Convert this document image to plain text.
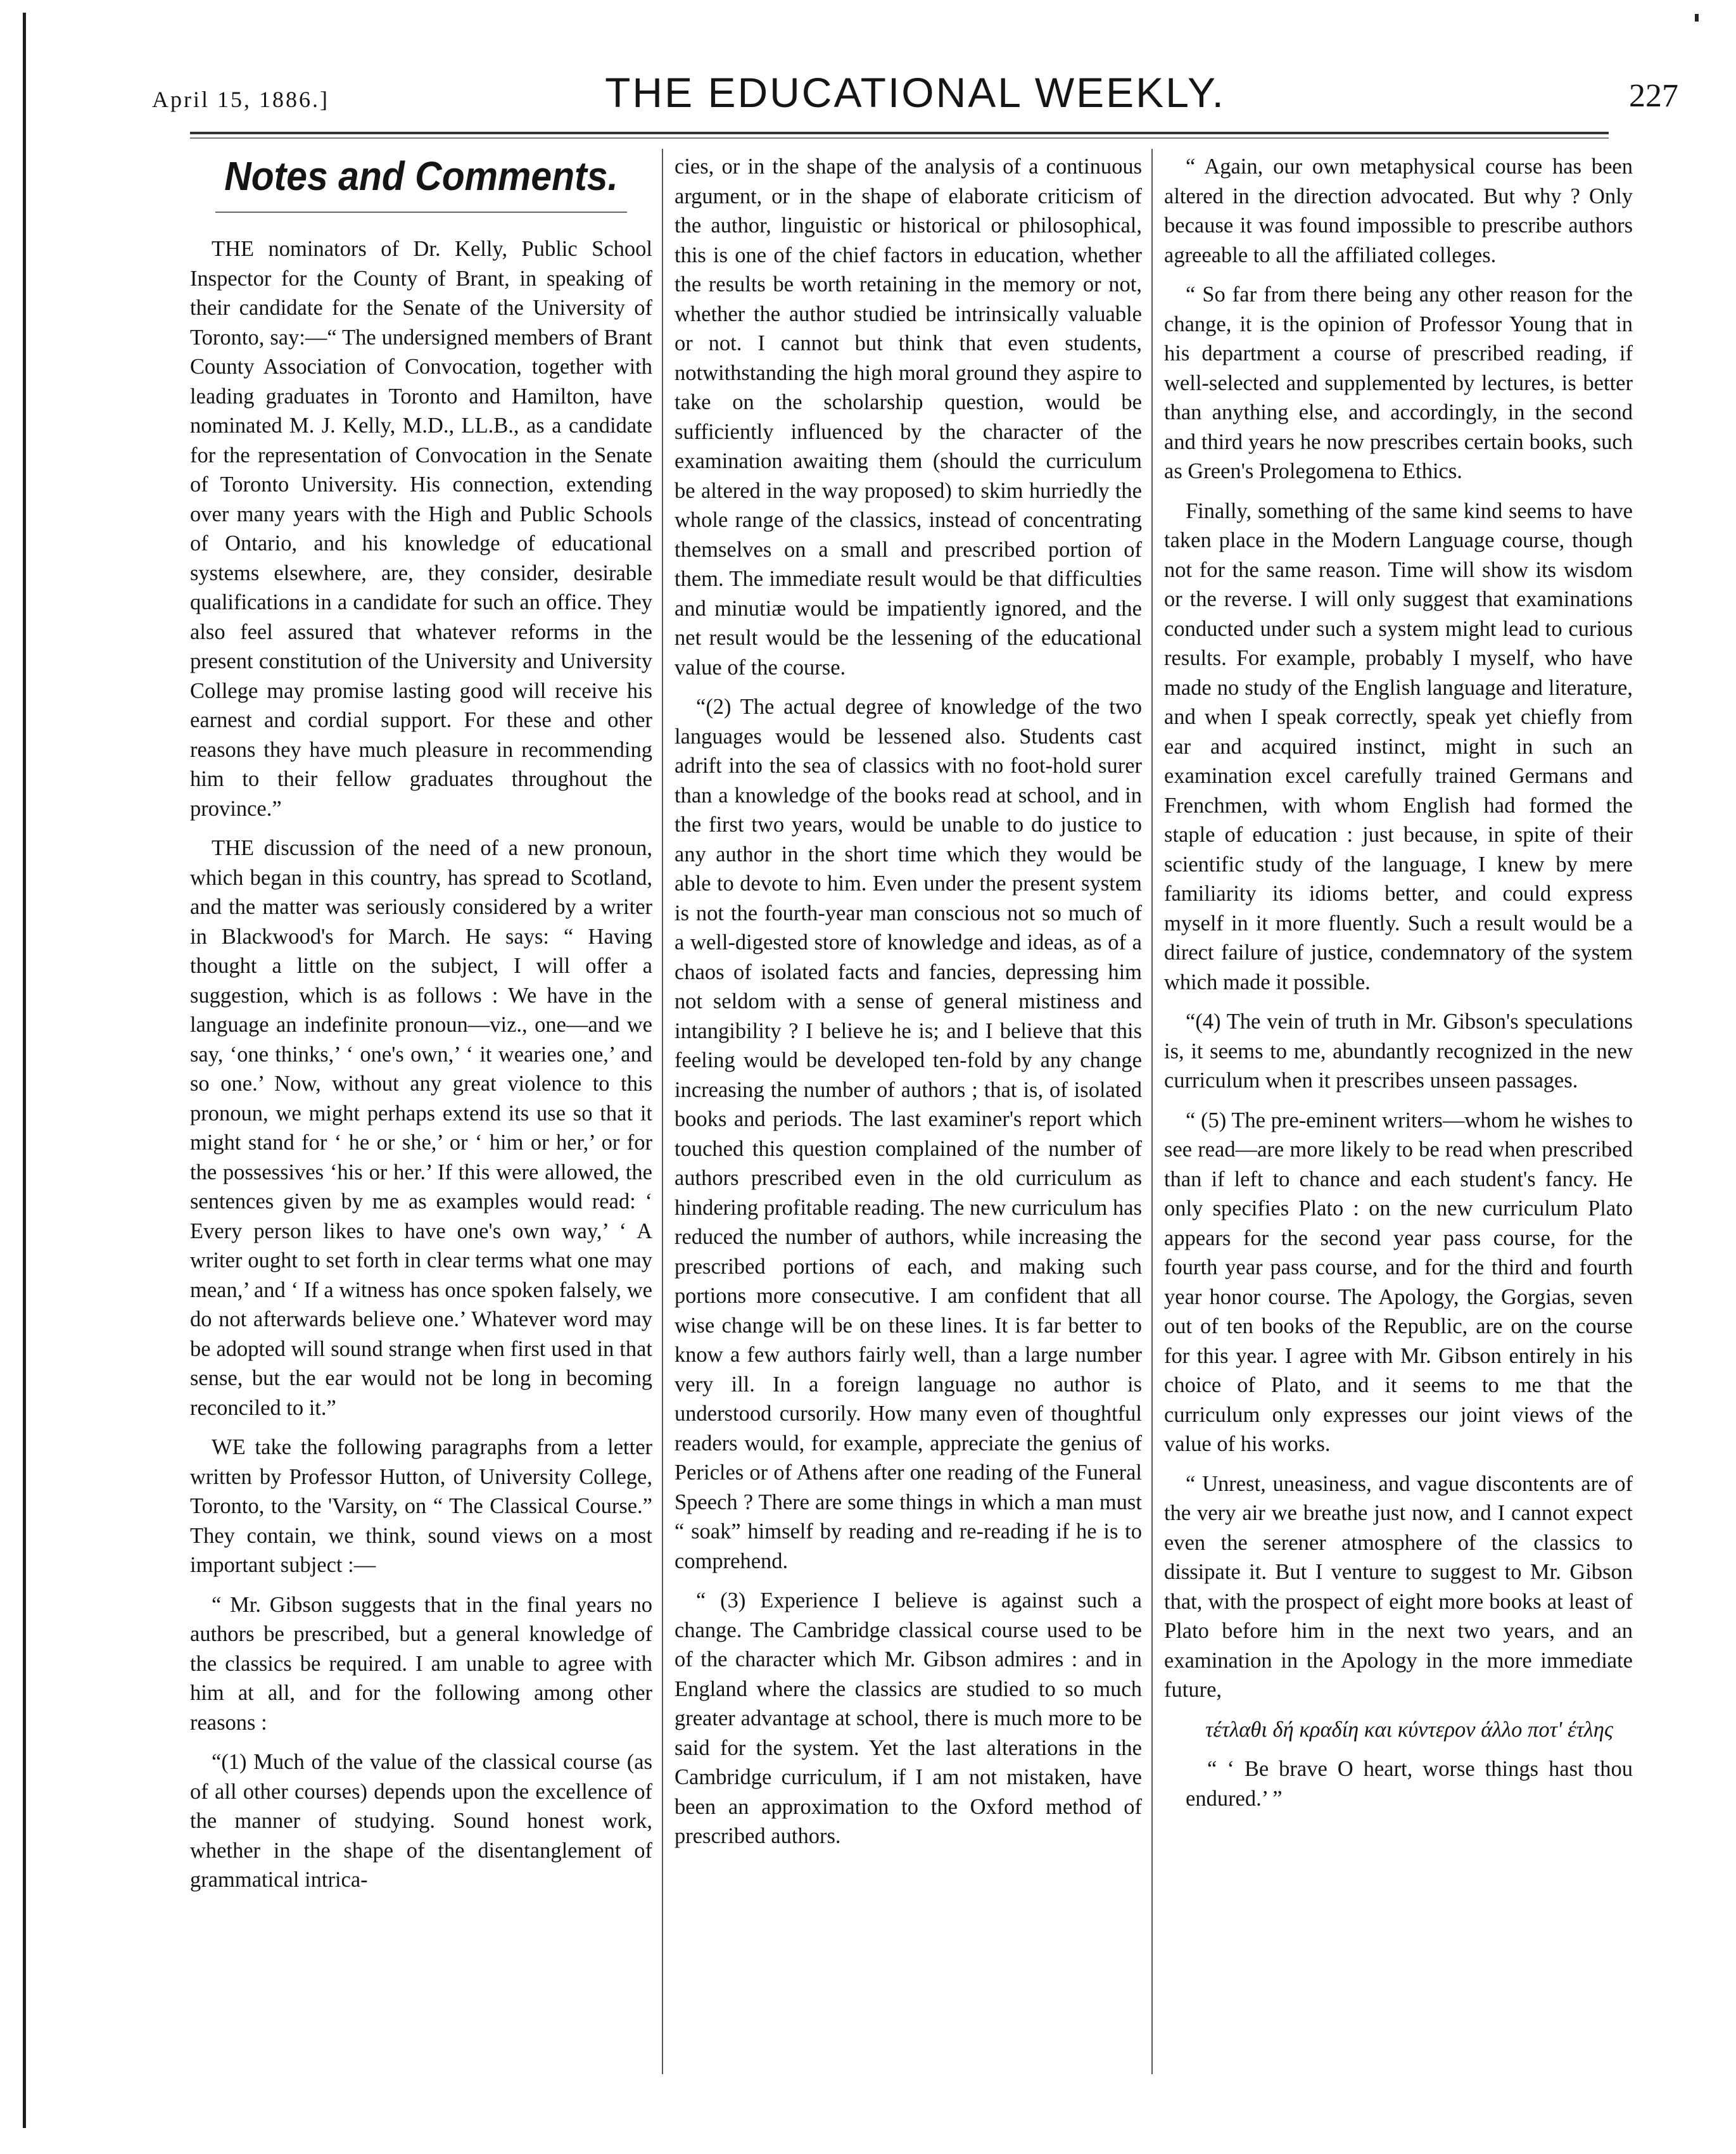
April 15, 1886.]	THE EDUCATIONAL WEEKLY.	227
Notes and Comments.

THE nominators of Dr. Kelly, Public School Inspector for the County of Brant, in speaking of their candidate for the Senate of the University of Toronto, say:—“ The undersigned members of Brant County Association of Convocation, together with leading graduates in Toronto and Hamilton, have nominated M. J. Kelly, M.D., LL.B., as a candidate for the representation of Convocation in the Senate of Toronto University. His connection, extending over many years with the High and Public Schools of Ontario, and his knowledge of educational systems elsewhere, are, they consider, desirable qualifications in a candidate for such an office. They also feel assured that whatever reforms in the present constitution of the University and University College may promise lasting good will receive his earnest and cordial support. For these and other reasons they have much pleasure in recommending him to their fellow graduates throughout the province.”

THE discussion of the need of a new pronoun, which began in this country, has spread to Scotland, and the matter was seriously considered by a writer in Blackwood's for March. He says: “ Having thought a little on the subject, I will offer a suggestion, which is as follows : We have in the language an indefinite pronoun—viz., one—and we say, ‘one thinks,’ ‘ one's own,’ ‘ it wearies one,’ and so one.’ Now, without any great violence to this pronoun, we might perhaps extend its use so that it might stand for ‘ he or she,’ or ‘ him or her,’ or for the possessives ‘his or her.’ If this were allowed, the sentences given by me as examples would read: ‘ Every person likes to have one's own way,’ ‘ A writer ought to set forth in clear terms what one may mean,’ and ‘ If a witness has once spoken falsely, we do not afterwards believe one.’ Whatever word may be adopted will sound strange when first used in that sense, but the ear would not be long in becoming reconciled to it.”

WE take the following paragraphs from a letter written by Professor Hutton, of University College, Toronto, to the 'Varsity, on “ The Classical Course.” They contain, we think, sound views on a most important subject :—

“ Mr. Gibson suggests that in the final years no authors be prescribed, but a general knowledge of the classics be required. I am unable to agree with him at all, and for the following among other reasons :

“(1) Much of the value of the classical course (as of all other courses) depends upon the excellence of the manner of studying. Sound honest work, whether in the shape of the disentanglement of grammatical intrica-

cies, or in the shape of the analysis of a continuous argument, or in the shape of elaborate criticism of the author, linguistic or historical or philosophical, this is one of the chief factors in education, whether the results be worth retaining in the memory or not, whether the author studied be intrinsically valuable or not. I cannot but think that even students, notwithstanding the high moral ground they aspire to take on the scholarship question, would be sufficiently influenced by the character of the examination awaiting them (should the curriculum be altered in the way proposed) to skim hurriedly the whole range of the classics, instead of concentrating themselves on a small and prescribed portion of them. The immediate result would be that difficulties and minutiæ would be impatiently ignored, and the net result would be the lessening of the educational value of the course.

“(2) The actual degree of knowledge of the two languages would be lessened also. Students cast adrift into the sea of classics with no foot-hold surer than a knowledge of the books read at school, and in the first two years, would be unable to do justice to any author in the short time which they would be able to devote to him. Even under the present system is not the fourth-year man conscious not so much of a well-digested store of knowledge and ideas, as of a chaos of isolated facts and fancies, depressing him not seldom with a sense of general mistiness and intangibility ? I believe he is; and I believe that this feeling would be developed ten-fold by any change increasing the number of authors ; that is, of isolated books and periods. The last examiner's report which touched this question complained of the number of authors prescribed even in the old curriculum as hindering profitable reading. The new curriculum has reduced the number of authors, while increasing the prescribed portions of each, and making such portions more consecutive. I am confident that all wise change will be on these lines. It is far better to know a few authors fairly well, than a large number very ill. In a foreign language no author is understood cursorily. How many even of thoughtful readers would, for example, appreciate the genius of Pericles or of Athens after one reading of the Funeral Speech ? There are some things in which a man must “ soak” himself by reading and re-reading if he is to comprehend.

“ (3) Experience I believe is against such a change. The Cambridge classical course used to be of the character which Mr. Gibson admires : and in England where the classics are studied to so much greater advantage at school, there is much more to be said for the system. Yet the last alterations in the Cambridge curriculum, if I am not mistaken, have been an approximation to the Oxford method of prescribed authors.

“ Again, our own metaphysical course has been altered in the direction advocated. But why ? Only because it was found impossible to prescribe authors agreeable to all the affiliated colleges.

“ So far from there being any other reason for the change, it is the opinion of Professor Young that in his department a course of prescribed reading, if well-selected and supplemented by lectures, is better than anything else, and accordingly, in the second and third years he now prescribes certain books, such as Green's Prolegomena to Ethics.

Finally, something of the same kind seems to have taken place in the Modern Language course, though not for the same reason. Time will show its wisdom or the reverse. I will only suggest that examinations conducted under such a system might lead to curious results. For example, probably I myself, who have made no study of the English language and literature, and when I speak correctly, speak yet chiefly from ear and acquired instinct, might in such an examination excel carefully trained Germans and Frenchmen, with whom English had formed the staple of education : just because, in spite of their scientific study of the language, I knew by mere familiarity its idioms better, and could express myself in it more fluently. Such a result would be a direct failure of justice, condemnatory of the system which made it possible.

“(4) The vein of truth in Mr. Gibson's speculations is, it seems to me, abundantly recognized in the new curriculum when it prescribes unseen passages.

“ (5) The pre-eminent writers—whom he wishes to see read—are more likely to be read when prescribed than if left to chance and each student's fancy. He only specifies Plato : on the new curriculum Plato appears for the second year pass course, for the fourth year pass course, and for the third and fourth year honor course. The Apology, the Gorgias, seven out of ten books of the Republic, are on the course for this year. I agree with Mr. Gibson entirely in his choice of Plato, and it seems to me that the curriculum only expresses our joint views of the value of his works.

“ Unrest, uneasiness, and vague discontents are of the very air we breathe just now, and I cannot expect even the serener atmosphere of the classics to dissipate it. But I venture to suggest to Mr. Gibson that, with the prospect of eight more books at least of Plato before him in the next two years, and an examination in the Apology in the more immediate future,

τέτλαθι δή κραδίη και κύντερον άλλο ποτ' έτλης

“ ‘ Be brave O heart, worse things hast thou endured.’ ”
